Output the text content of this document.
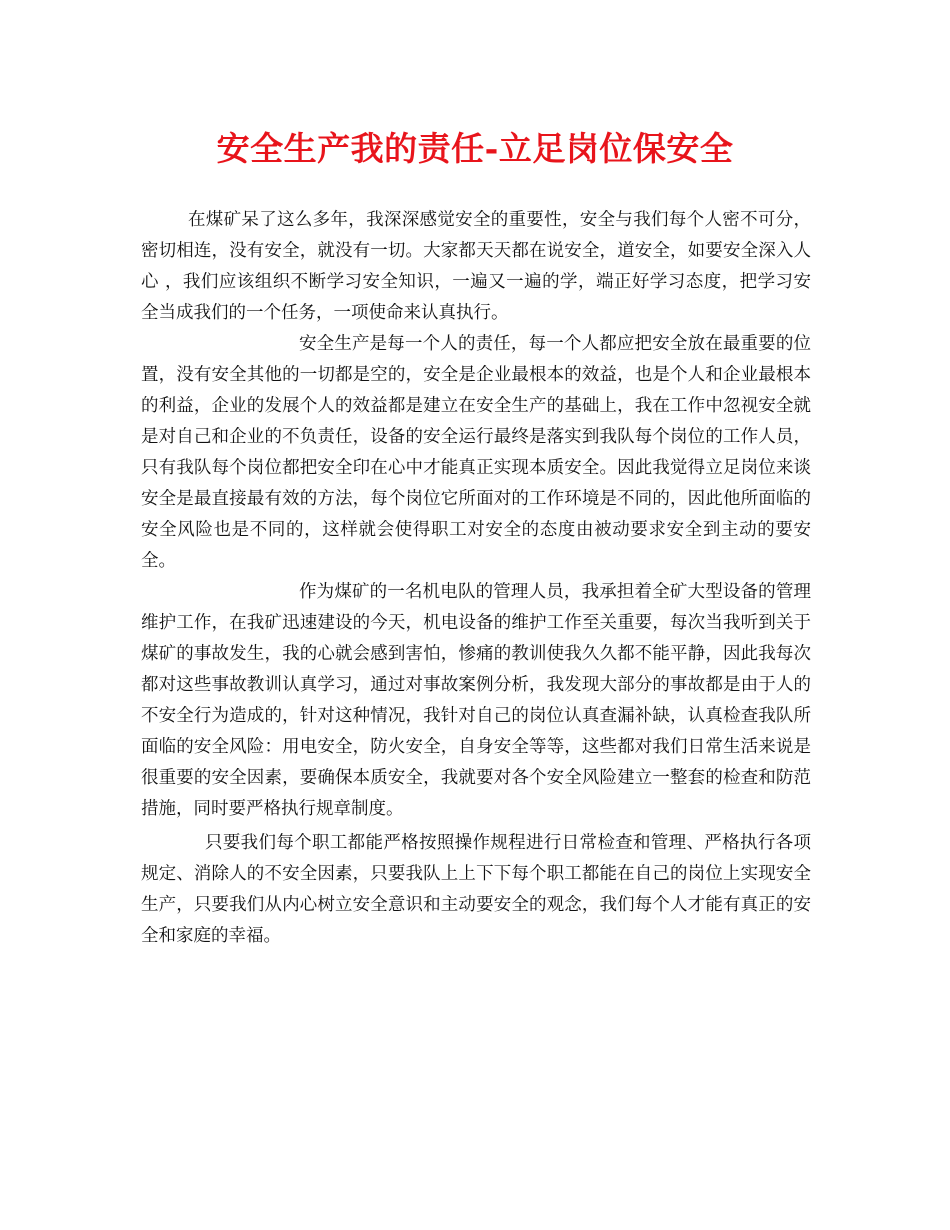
安全生产我的责任-立足岗位保安全

在煤矿呆了这么多年，我深深感觉安全的重要性，安全与我们每个人密不可分，密切相连，没有安全，就没有一切。大家都天天都在说安全，道安全，如要安全深入人心 ，我们应该组织不断学习安全知识，一遍又一遍的学，端正好学习态度，把学习安全当成我们的一个任务，一项使命来认真执行。

安全生产是每一个人的责任，每一个人都应把安全放在最重要的位置，没有安全其他的一切都是空的，安全是企业最根本的效益，也是个人和企业最根本的利益，企业的发展个人的效益都是建立在安全生产的基础上，我在工作中忽视安全就是对自己和企业的不负责任，设备的安全运行最终是落实到我队每个岗位的工作人员，只有我队每个岗位都把安全印在心中才能真正实现本质安全。因此我觉得立足岗位来谈安全是最直接最有效的方法，每个岗位它所面对的工作环境是不同的，因此他所面临的安全风险也是不同的，这样就会使得职工对安全的态度由被动要求安全到主动的要安全。

作为煤矿的一名机电队的管理人员，我承担着全矿大型设备的管理维护工作，在我矿迅速建设的今天，机电设备的维护工作至关重要，每次当我听到关于煤矿的事故发生，我的心就会感到害怕，惨痛的教训使我久久都不能平静，因此我每次都对这些事故教训认真学习，通过对事故案例分析，我发现大部分的事故都是由于人的不安全行为造成的，针对这种情况，我针对自己的岗位认真查漏补缺，认真检查我队所面临的安全风险：用电安全，防火安全，自身安全等等，这些都对我们日常生活来说是很重要的安全因素，要确保本质安全，我就要对各个安全风险建立一整套的检查和防范措施，同时要严格执行规章制度。

只要我们每个职工都能严格按照操作规程进行日常检查和管理、严格执行各项规定、消除人的不安全因素，只要我队上上下下每个职工都能在自己的岗位上实现安全生产，只要我们从内心树立安全意识和主动要安全的观念，我们每个人才能有真正的安全和家庭的幸福。
